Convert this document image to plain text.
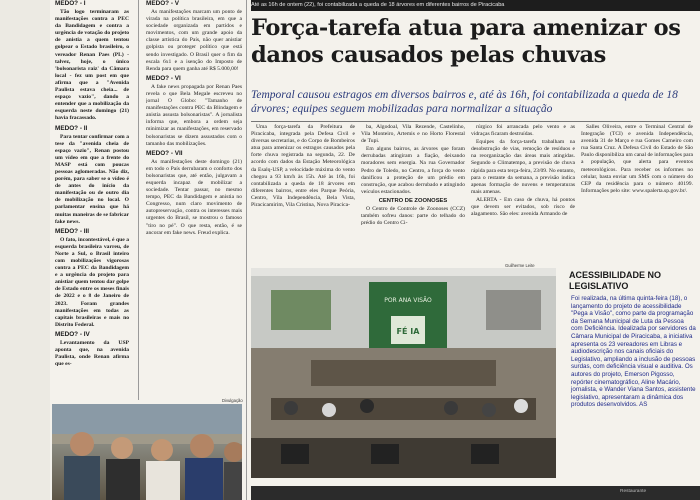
MEDO? - I

Tão logo terminaram as manifestações contra a PEC da Bandidagem e contra a urgência de votação do projeto de anistia a quem tentou golpear o Estado brasileiro, o vereador Renan Paes (PL) - talvez, hoje, o único 'bolsonarista raiz' da Câmara local - fez um post em que afirma que a "Avenida Paulista estava cheia... de espaço vazio", dando a entender que a mobilização da esquerda neste domingo (21) havia fracassado.

MEDO? - II

Para tentar confirmar com a tese da "avenida cheia de espaço vazio", Renan postou um vídeo em que a frente do MASP está com poucas pessoas aglomeradas. Não diz, porém, para saber se o vídeo é de antes do início da manifestação ou de outro dia de mobilização no local. O parlamentar ensina que há muitas maneiras de se fabricar fake news.

MEDO? - III

O fato, incontestável, é que a esquerda brasileira varreu, de Norte a Sul, o Brasil inteiro com mobilizações vigorosas contra a PEC da Bandidagem e a urgência do projeto para anistiar quem tentou dar golpe de Estado entre os meses finais de 2022 e o 8 de Janeiro de 2023. Foram grandes manifestações em todas as capitais brasileiras e mais no Distrito Federal.

MEDO? - IV

Levantamento da USP aponta que, na avenida Paulista, onde Renan afirma que es-

MEDO? - V

As manifestações marcam um ponto de virada na política brasileira, em que a sociedade organizada em partidos e movimentos, com um grande apoio da classe artística do País, não quer anistiar golpista ou proteger político que está sendo investigado. O Brasil quer o fim da escala 6x1 e a isenção do Imposto de Renda para quem ganha até R$ 5.000,00!

MEDO? - VI

A fake news propagada por Renan Paes revela o que Bela Megale escreveu no jornal O Globo: "Tamanho de manifestações contra PEC da Blindagem e anistia assusta bolsonaristas". A jornalista informa que, embora a ordem seja minimizar as manifestações, em reservado bolsonaristas se dizem assustados com o tamanho das mobilizações.

MEDO? - VII

As manifestações deste domingo (21) em todo o País derrubaram o conforto dos bolsonaristas que, até então, julgavam a esquerda incapaz de mobilizar a sociedade. Tentar passar, no mesmo tempo, PEC da Bandidagem e anistia no Congresso, num claro movimento de autopreservação, contra os interesses mais urgentes do Brasil, se mostrou o famoso "tiro no pé". O que resta, então, é se ancorar em fake news. Freud explica.

Divulgação
Até as 16h de ontem (22), foi contabilizada a queda de 18 árvores em diferentes bairros de Piracicaba
Força-tarefa atua para amenizar os danos causados pelas chuvas
Temporal causou estragos em diversos bairros e, até às 16h, foi contabilizada a queda de 18 árvores; equipes seguem mobilizadas para normalizar a situação

Uma força-tarefa da Prefeitura de Piracicaba, integrada pela Defesa Civil e diversas secretarias, e do Corpo de Bombeiros atua para amenizar os estragos causados pela forte chuva registrada na segunda, 22. De acordo com dados da Estação Meteorológica da Esalq-USP, a velocidade máxima do vento chegou a 93 km/h às 15h. Até às 16h, foi contabilizada a queda de 18 árvores em diferentes bairros, entre eles Parque Peória, Centro, Vila Independência, Bela Vista, Piracicamirim, Vila Cristina, Nova Piracica-

ba, Algodoal, Vila Rezende, Castelinho, Vila Monteiro, Artemis e no Horto Florestal de Tupi.

Em alguns bairros, as árvores que foram derrubadas atingiram a fiação, deixando moradores sem energia. Na rua Governador Pedro de Toledo, no Centro, a força do vento danificou a proteção de um prédio em construção, que acabou derrubado e atingindo veículos estacionados.

CENTRO DE ZOONOSES

O Centro de Controle de Zoonoses (CCZ) também sofreu danos: parte do telhado do prédio do Centro Ci-

rúrgico foi arrancada pelo vento e as vidraças ficaram destruídas.

Equipes da força-tarefa trabalham na desobstrução de vias, remoção de resíduos e na reorganização das áreas mais atingidas. Segundo o Climatempo, a previsão de chuva rápida para esta terça-feira, 23/09. No entanto, para o restante da semana, a previsão indica apenas formação de nuvens e temperaturas mais amenas.

ALERTA - Em caso de chuva, há pontos que devem ser evitados, sob risco de alagamento. São eles: avenida Armando de

Salles Oliveira, entre o Terminal Central de Integração (TCI) e avenida Independência, avenida 31 de Março e rua Gomes Carneiro com rua Santa Cruz. A Defesa Civil do Estado de São Paulo disponibiliza um canal de informações para a população, que alerta para eventos meteorológicos. Para receber os informes no celular, basta enviar um SMS com o número do CEP da residência para o número 40199. Informações pelo site: www.spalerta.sp.gov.br/.

Guilherme Leite
POR ANA VISÃO
FÉ IA
ACESSIBILIDADE NO LEGISLATIVO
Foi realizada, na última quinta-feira (18), o lançamento do projeto de acessibilidade "Pega a Visão", como parte da programação da Semana Municipal de Luta da Pessoa com Deficiência. Idealizada por servidores da Câmara Municipal de Piracicaba, a iniciativa apresenta os 23 vereadores em Libras e audiodescrição nos canais oficiais do Legislativo, ampliando a inclusão de pessoas surdas, com deficiência visual e auditiva. Os autores do projeto, Emerson Pigosso, repórter cinematográfico, Aline Macário, jornalista, e Wander Viana Santos, assistente legislativo, apresentaram a dinâmica dos produtos desenvolvidos. AS
Restaurante
